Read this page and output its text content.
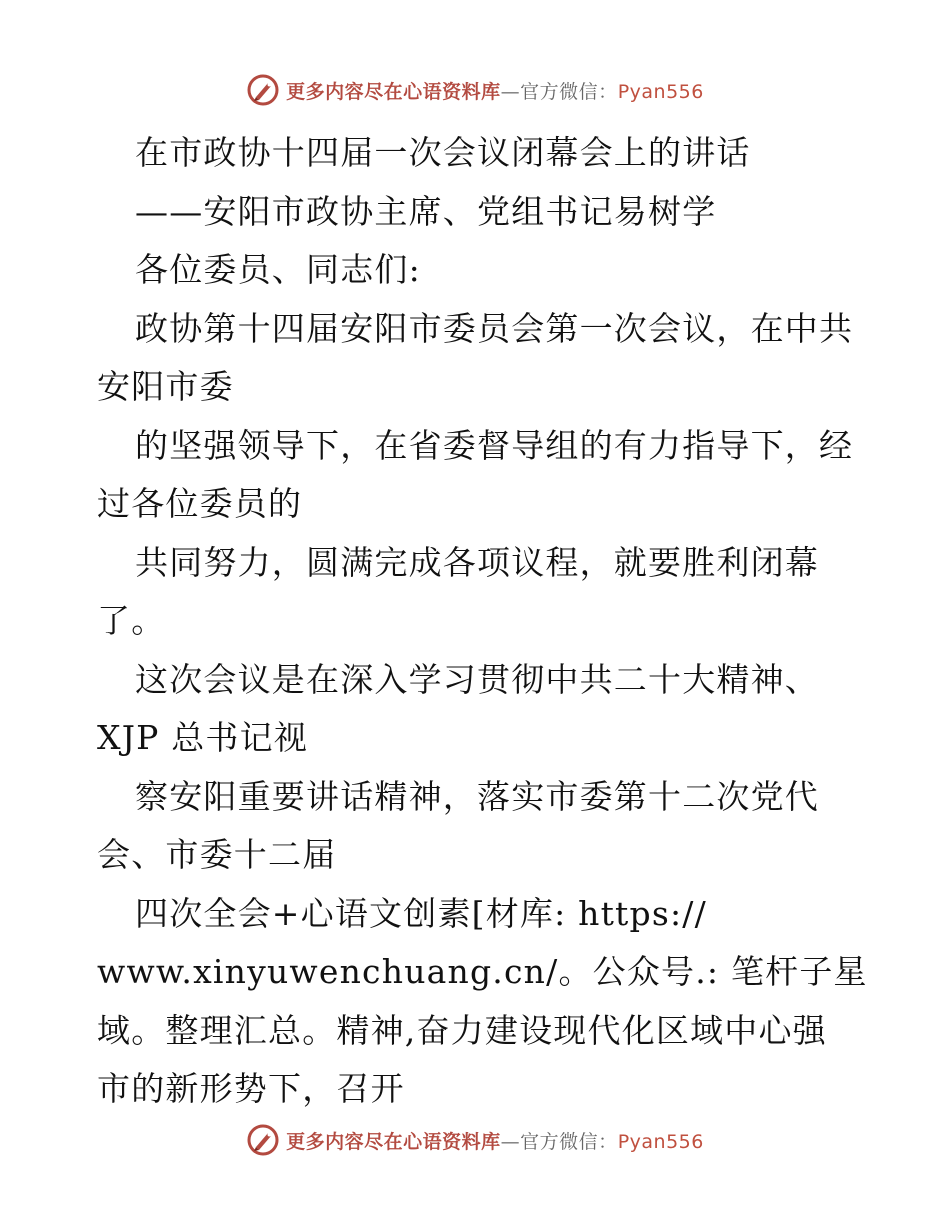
更多内容尽在心语资料库—官方微信：Pyan556
在市政协十四届一次会议闭幕会上的讲话
——安阳市政协主席、党组书记易树学
各位委员、同志们:
政协第十四届安阳市委员会第一次会议，在中共
安阳市委
的坚强领导下，在省委督导组的有力指导下，经
过各位委员的
共同努力，圆满完成各项议程，就要胜利闭幕
了。
这次会议是在深入学习贯彻中共二十大精神、
XJP 总书记视
察安阳重要讲话精神，落实市委第十二次党代
会、市委十二届
四次全会+心语文创素[材库: https://
www.xinyuwenchuang.cn/。公众号.: 笔杆子星
域。整理汇总。精神,奋力建设现代化区域中心强
市的新形势下，召开
更多内容尽在心语资料库—官方微信：Pyan556
